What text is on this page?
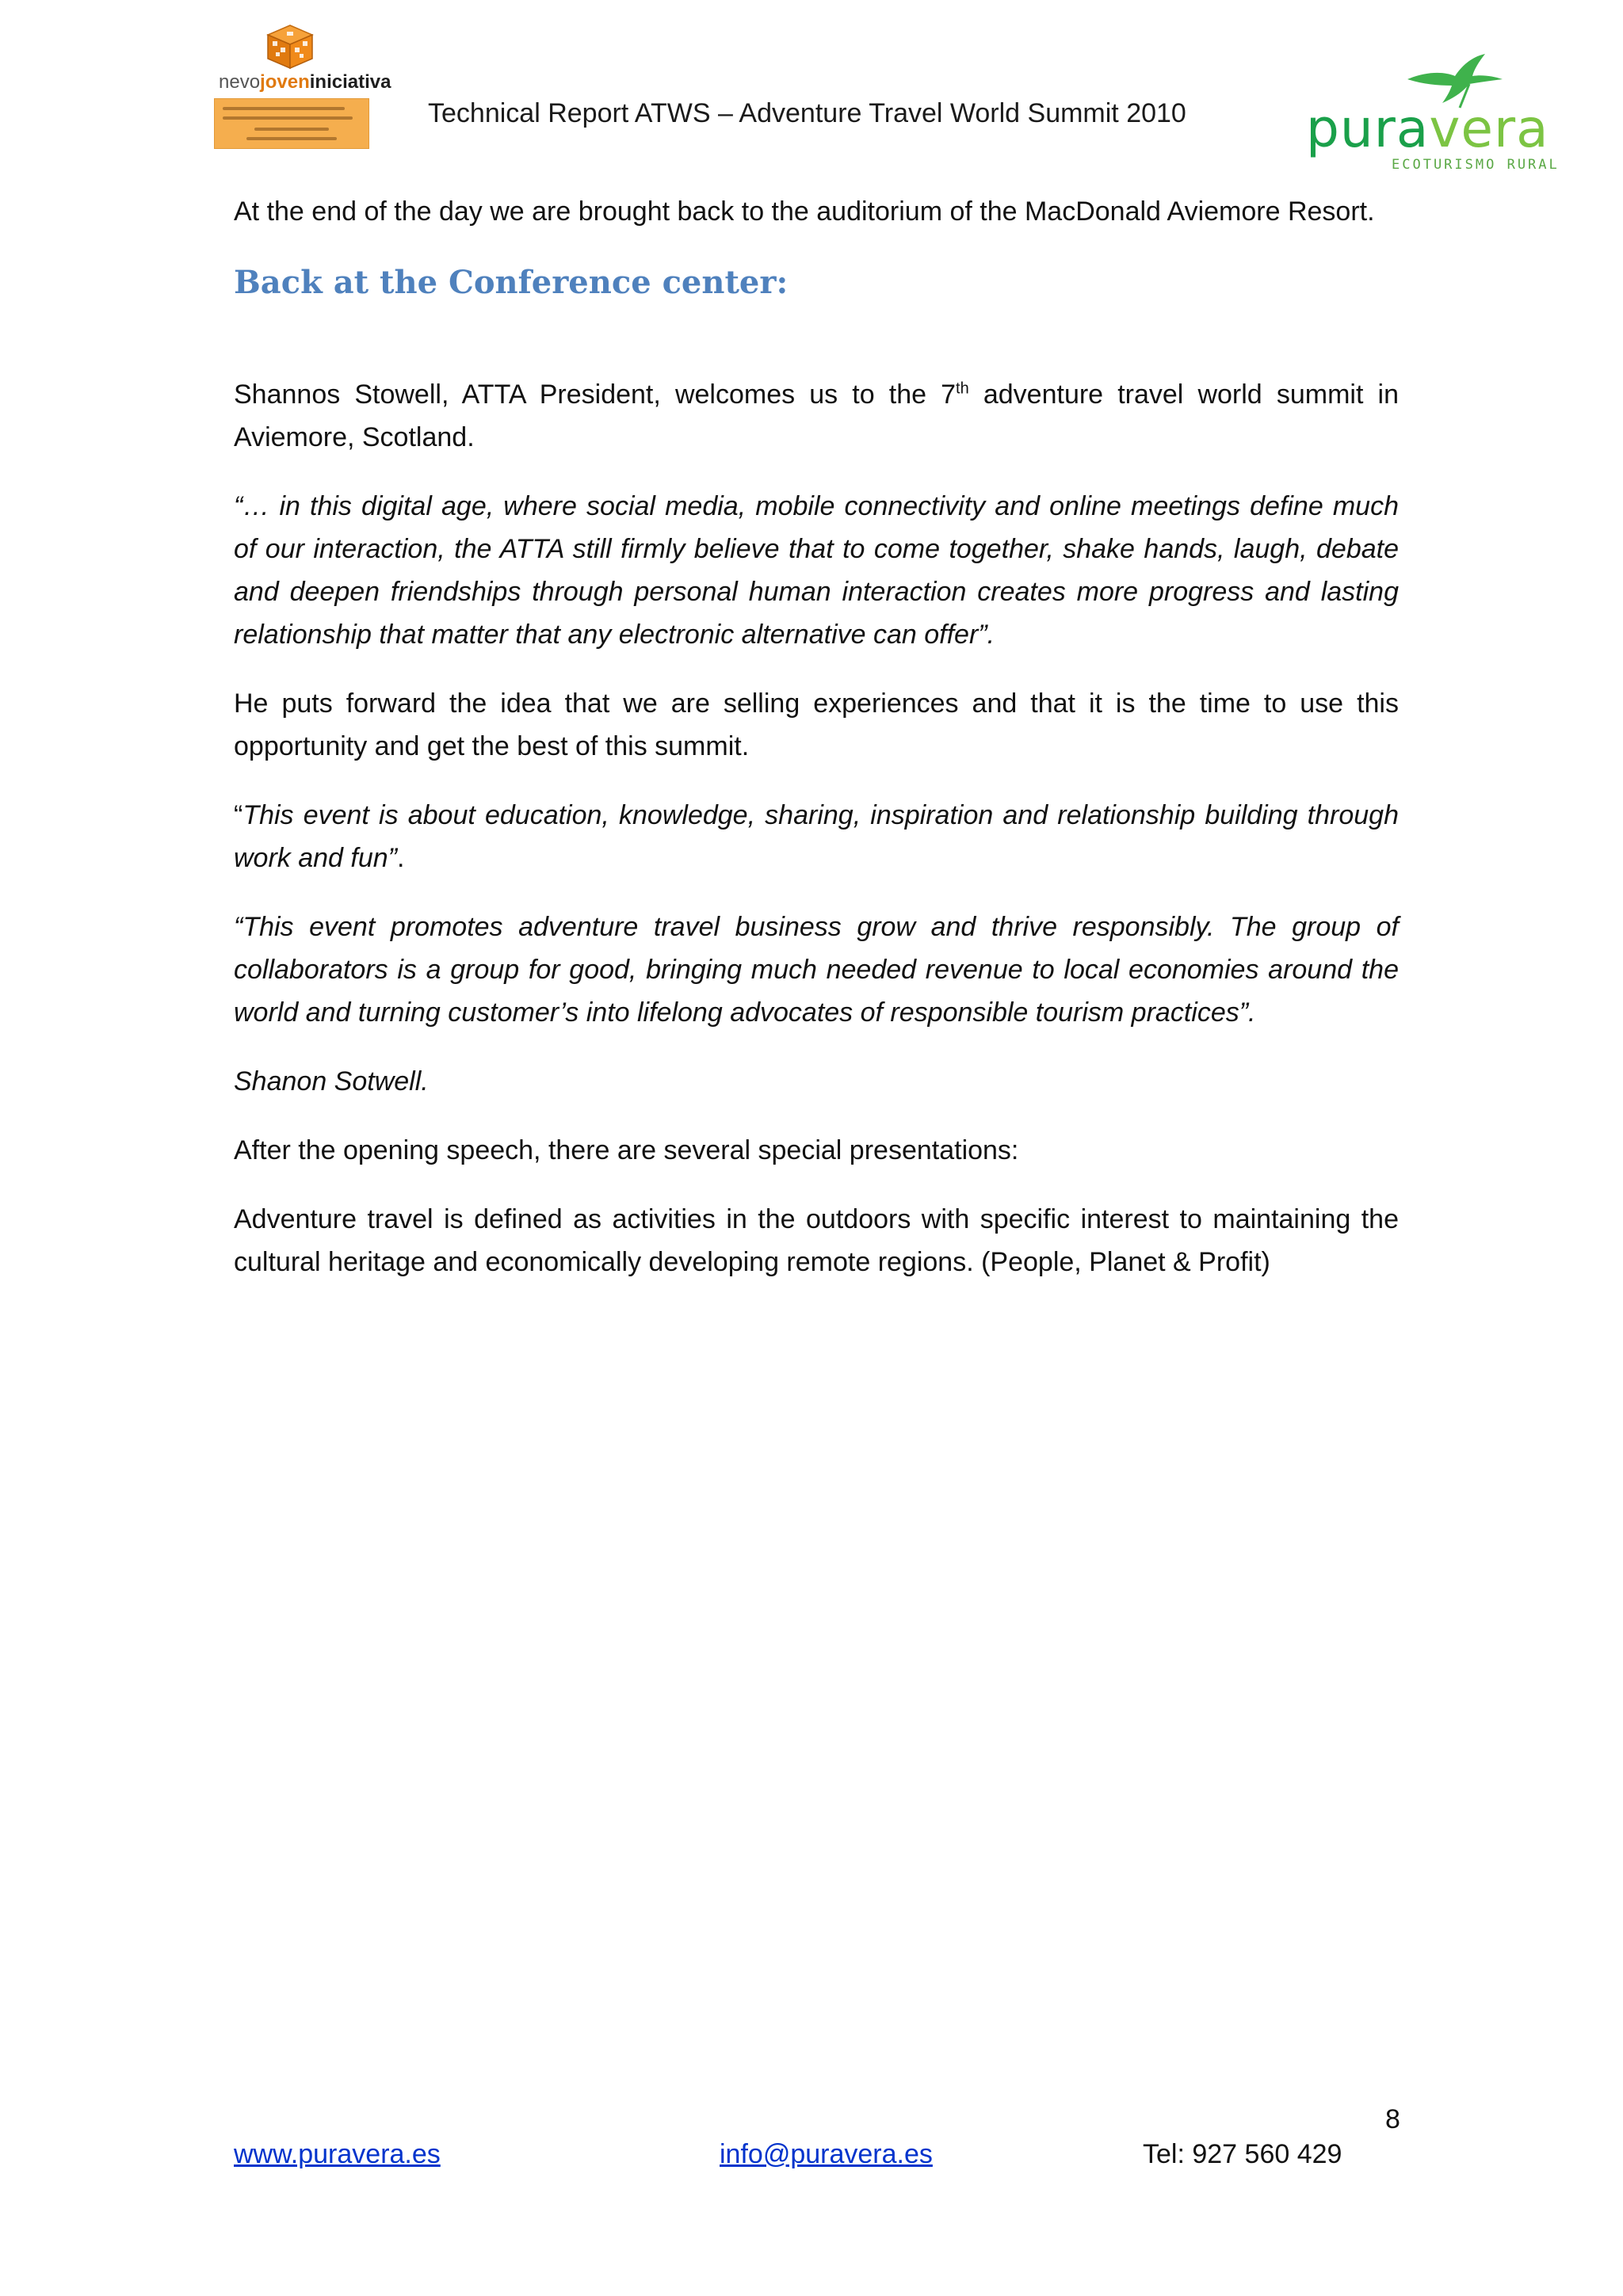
nevojoveniniciativa
Technical Report ATWS – Adventure Travel World Summit 2010	puravera
ECOTURISMO RURAL

At the end of the day we are brought back to the auditorium of the MacDonald Aviemore Resort.

Back at the Conference center:

Shannos Stowell, ATTA President, welcomes us to the 7th adventure travel world summit in Aviemore, Scotland.

“… in this digital age, where social media, mobile connectivity and online meetings define much of our interaction, the ATTA still firmly believe that to come together, shake hands, laugh, debate and deepen friendships through personal human interaction creates more progress and lasting relationship that matter that any electronic alternative can offer”.

He puts forward the idea that we are selling experiences and that it is the time to use this opportunity and get the best of this summit.

“This event is about education, knowledge, sharing, inspiration and relationship building through work and fun”.

“This event promotes adventure travel business grow and thrive responsibly. The group of collaborators is a group for good, bringing much needed revenue to local economies around the world and turning customer’s into lifelong advocates of responsible tourism practices”.

Shanon Sotwell.

After the opening speech, there are several special presentations:

Adventure travel is defined as activities in the outdoors with specific interest to maintaining the cultural heritage and economically developing remote regions. (People, Planet & Profit)

8
www.puravera.es	info@puravera.es	Tel: 927 560 429
